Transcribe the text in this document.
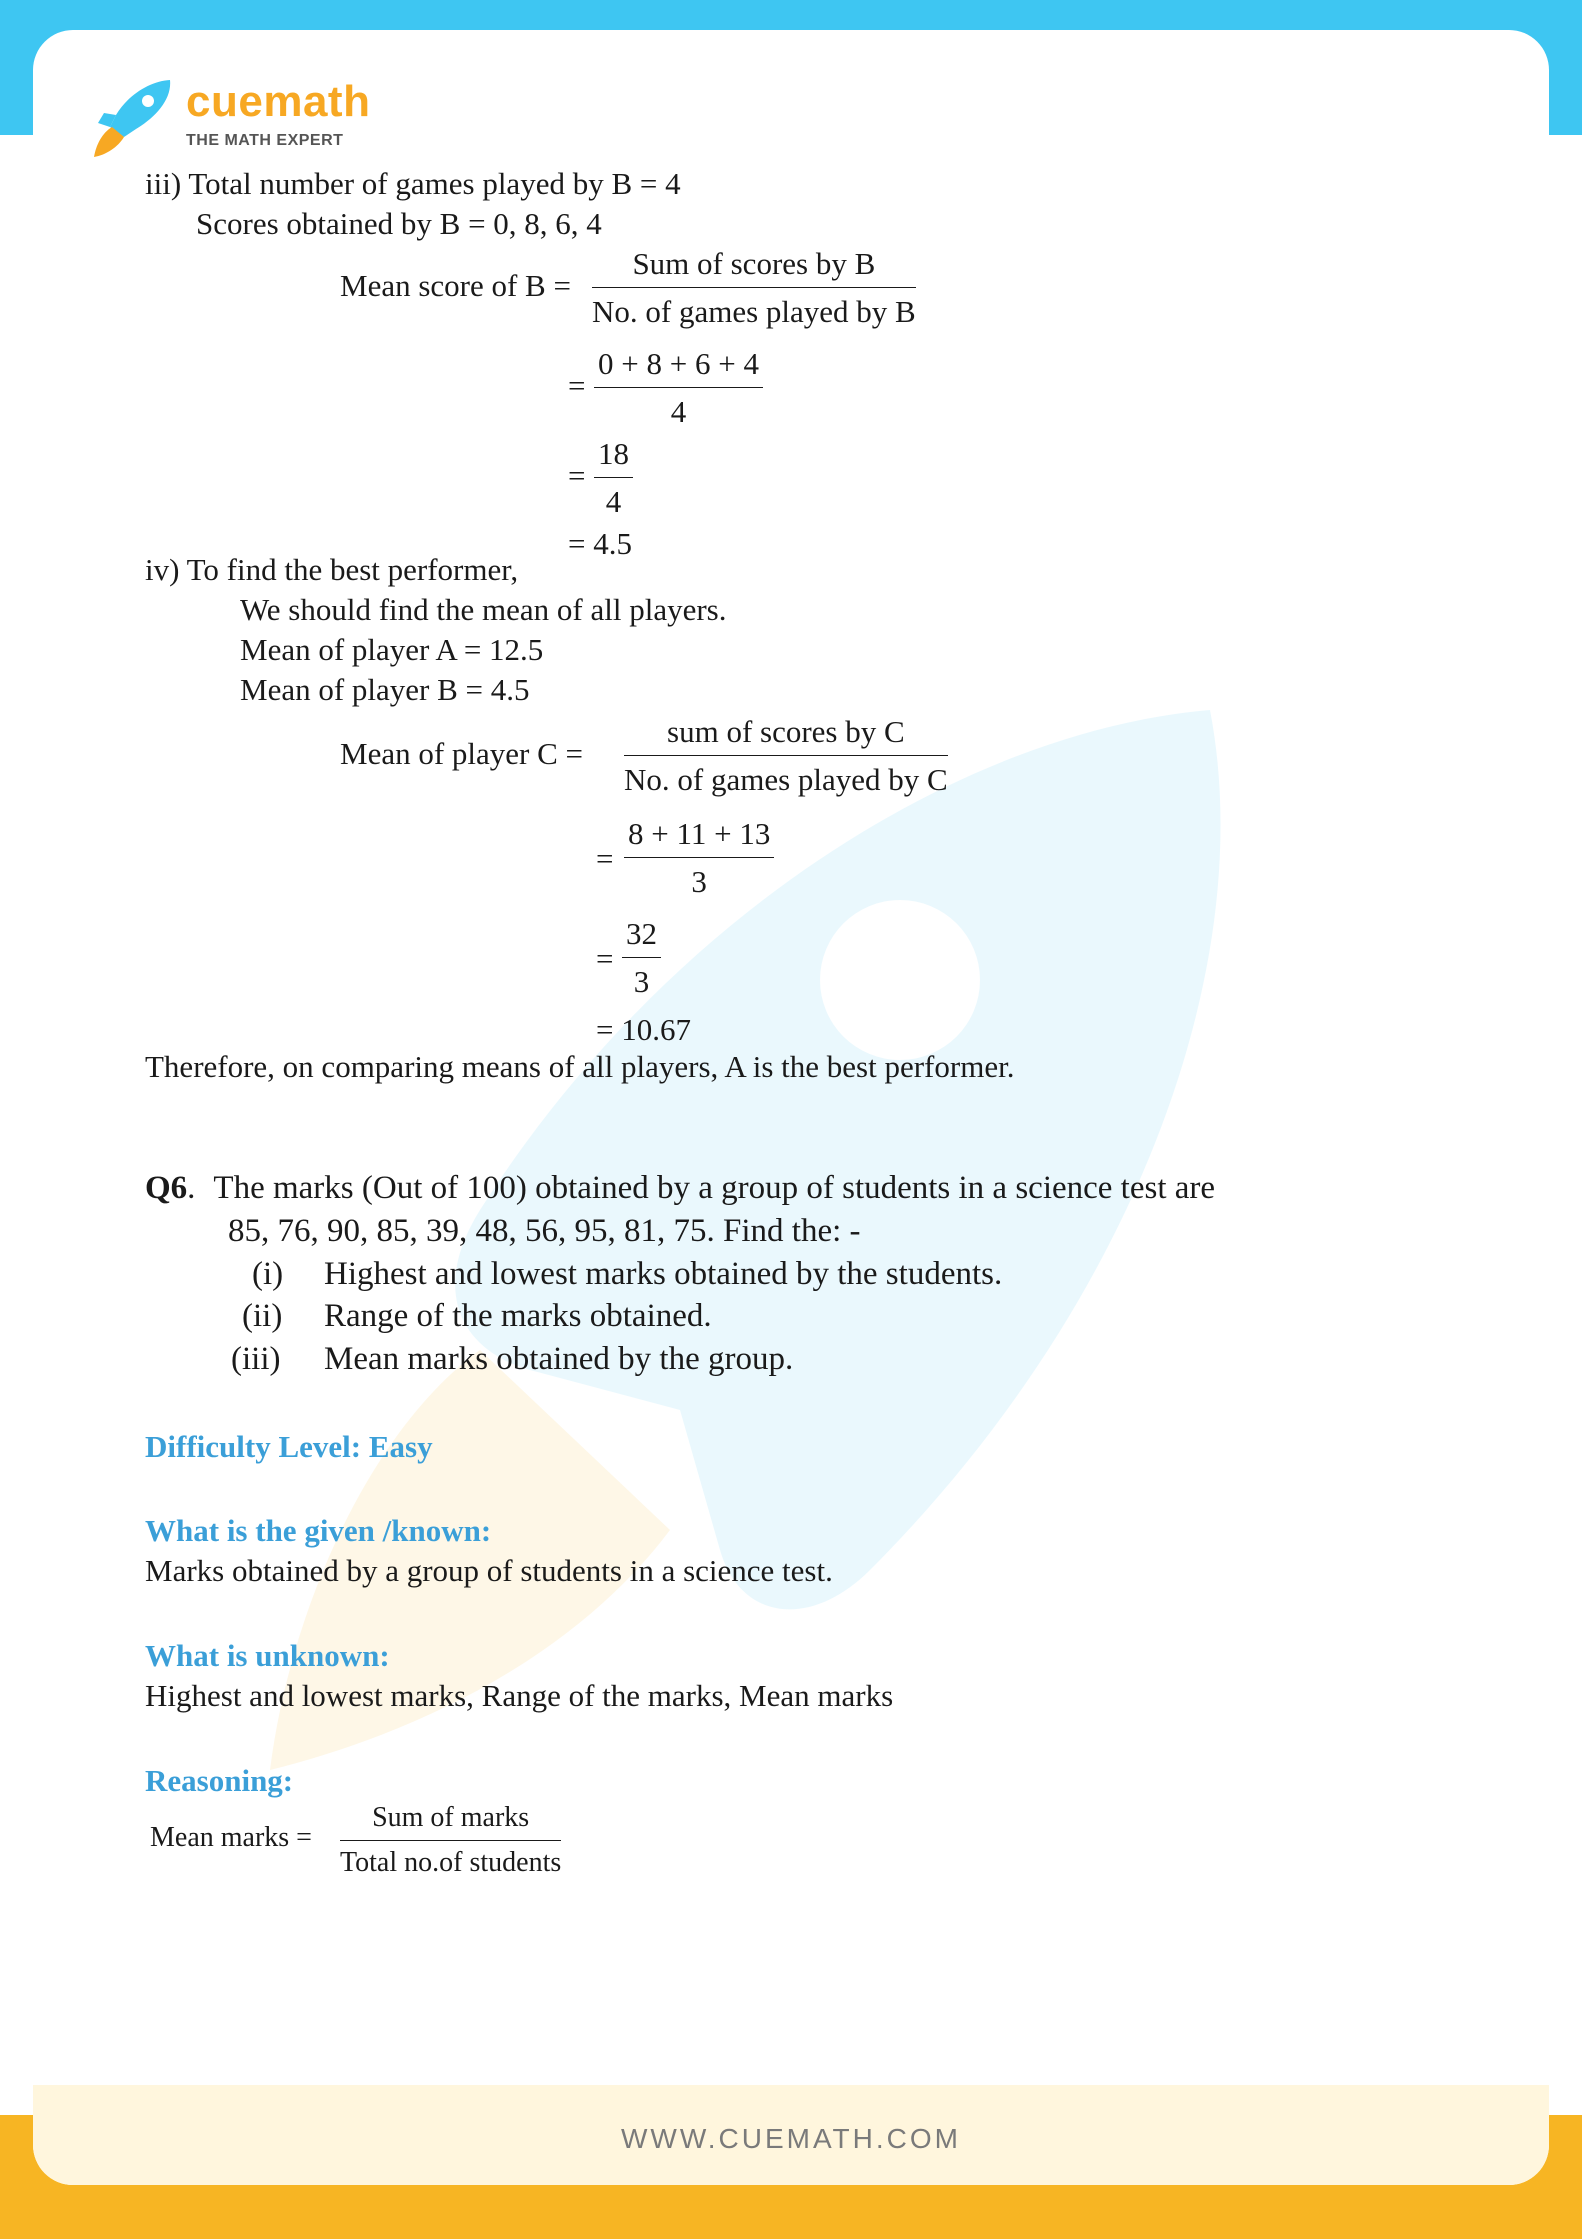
WWW.CUEMATH.COM
cuemath
THE MATH EXPERT
iii) Total number of games played by B = 4
Scores obtained by B = 0, 8, 6, 4
Mean score of B =
Sum of scores by B
No. of games played by B
= $\frac{0 + 8 + 6 + 4}{4}$
= $\frac{18}{4}$
= 4.5
iv) To find the best performer,
We should find the mean of all players.
Mean of player A = 12.5
Mean of player B = 4.5
Mean of player C =
sum of scores by C
No. of games played by C
= $\frac{8 + 11 + 13}{3}$
= $\frac{32}{3}$
= 10.67
Therefore, on comparing means of all players, A is the best performer.
Q6. The marks (Out of 100) obtained by a group of students in a science test are
85, 76, 90, 85, 39, 48, 56, 95, 81, 75. Find the: -
(i) Highest and lowest marks obtained by the students.
(ii) Range of the marks obtained.
(iii) Mean marks obtained by the group.
Difficulty Level: Easy
What is the given /known:
Marks obtained by a group of students in a science test.
What is unknown:
Highest and lowest marks, Range of the marks, Mean marks
Reasoning:
Mean marks =
Sum of marks
Total no.of students
